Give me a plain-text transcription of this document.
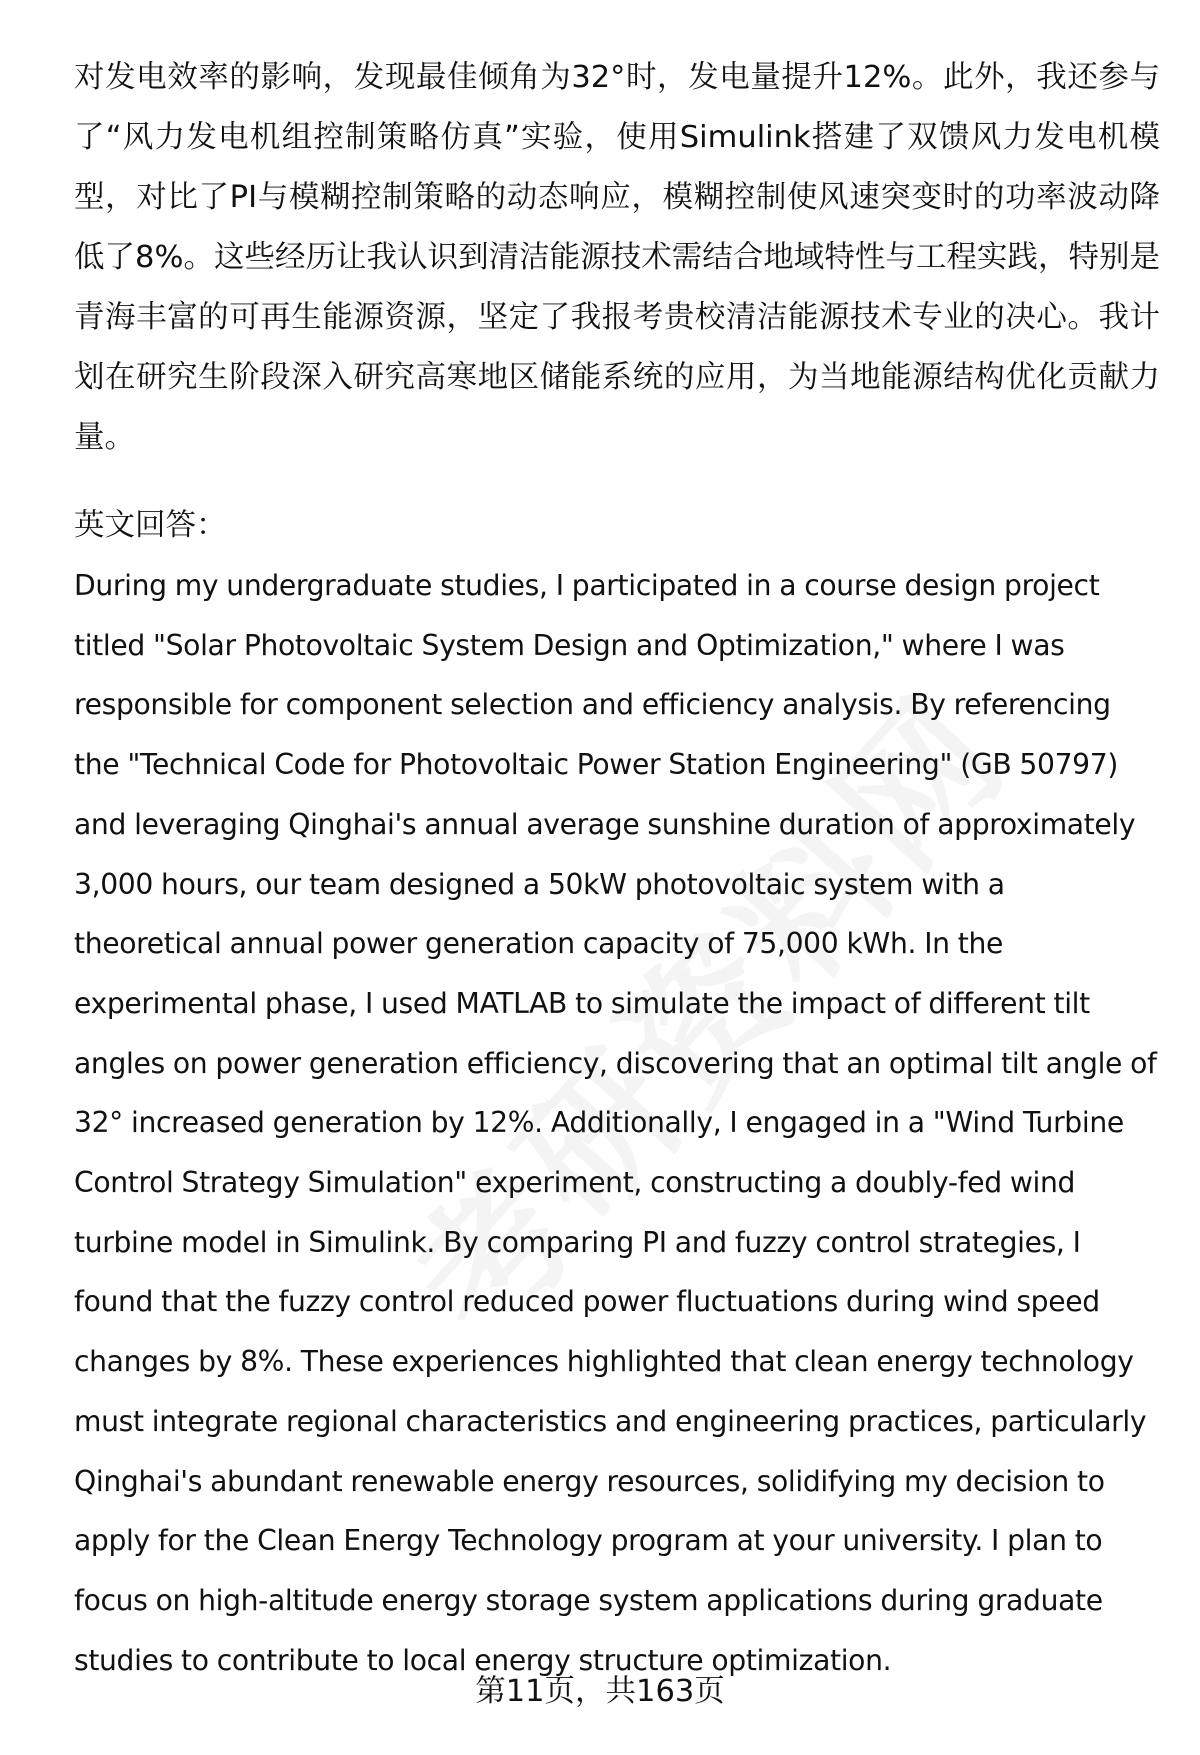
对发电效率的影响，发现最佳倾角为32°时，发电量提升12%。此外，我还参与了“风力发电机组控制策略仿真”实验，使用Simulink搭建了双馈风力发电机模型，对比了PI与模糊控制策略的动态响应，模糊控制使风速突变时的功率波动降低了8%。这些经历让我认识到清洁能源技术需结合地域特性与工程实践，特别是青海丰富的可再生能源资源，坚定了我报考贵校清洁能源技术专业的决心。我计划在研究生阶段深入研究高寒地区储能系统的应用，为当地能源结构优化贡献力量。

英文回答：

During my undergraduate studies, I participated in a course design project titled "Solar Photovoltaic System Design and Optimization," where I was responsible for component selection and efficiency analysis. By referencing the "Technical Code for Photovoltaic Power Station Engineering" (GB 50797) and leveraging Qinghai's annual average sunshine duration of approximately 3,000 hours, our team designed a 50kW photovoltaic system with a theoretical annual power generation capacity of 75,000 kWh. In the experimental phase, I used MATLAB to simulate the impact of different tilt angles on power generation efficiency, discovering that an optimal tilt angle of 32° increased generation by 12%. Additionally, I engaged in a "Wind Turbine Control Strategy Simulation" experiment, constructing a doubly-fed wind turbine model in Simulink. By comparing PI and fuzzy control strategies, I found that the fuzzy control reduced power fluctuations during wind speed changes by 8%. These experiences highlighted that clean energy technology must integrate regional characteristics and engineering practices, particularly Qinghai's abundant renewable energy resources, solidifying my decision to apply for the Clean Energy Technology program at your university. I plan to focus on high-altitude energy storage system applications during graduate studies to contribute to local energy structure optimization.

第11页，共163页
